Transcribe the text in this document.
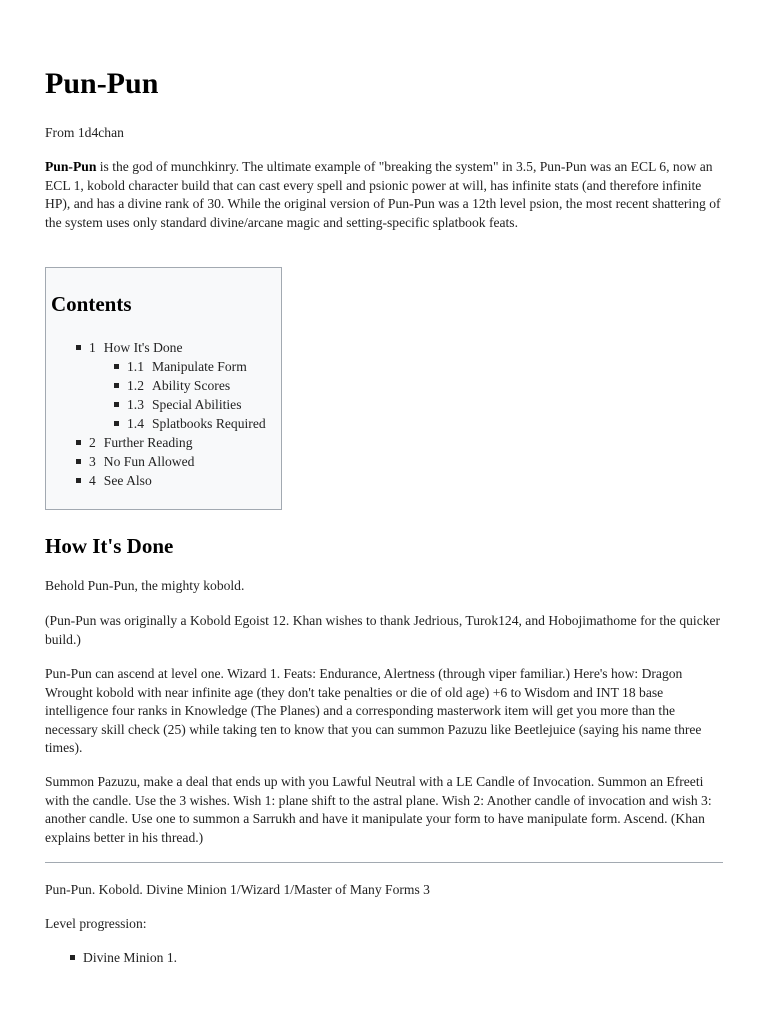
Pun-Pun

From 1d4chan

Pun-Pun is the god of munchkinry. The ultimate example of "breaking the system" in 3.5, Pun-Pun was an ECL 6, now an ECL 1, kobold character build that can cast every spell and psionic power at will, has infinite stats (and therefore infinite HP), and has a divine rank of 30. While the original version of Pun-Pun was a 12th level psion, the most recent shattering of the system uses only standard divine/arcane magic and setting-specific splatbook feats.

Contents
1 How It's Done
1.1 Manipulate Form
1.2 Ability Scores
1.3 Special Abilities
1.4 Splatbooks Required
2 Further Reading
3 No Fun Allowed
4 See Also
How It's Done

Behold Pun-Pun, the mighty kobold.

(Pun-Pun was originally a Kobold Egoist 12. Khan wishes to thank Jedrious, Turok124, and Hobojimathome for the quicker build.)

Pun-Pun can ascend at level one. Wizard 1. Feats: Endurance, Alertness (through viper familiar.) Here's how: Dragon Wrought kobold with near infinite age (they don't take penalties or die of old age) +6 to Wisdom and INT 18 base intelligence four ranks in Knowledge (The Planes) and a corresponding masterwork item will get you more than the necessary skill check (25) while taking ten to know that you can summon Pazuzu like Beetlejuice (saying his name three times).

Summon Pazuzu, make a deal that ends up with you Lawful Neutral with a LE Candle of Invocation. Summon an Efreeti with the candle. Use the 3 wishes. Wish 1: plane shift to the astral plane. Wish 2: Another candle of invocation and wish 3: another candle. Use one to summon a Sarrukh and have it manipulate your form to have manipulate form. Ascend. (Khan explains better in his thread.)

Pun-Pun. Kobold. Divine Minion 1/Wizard 1/Master of Many Forms 3

Level progression:

Divine Minion 1.
